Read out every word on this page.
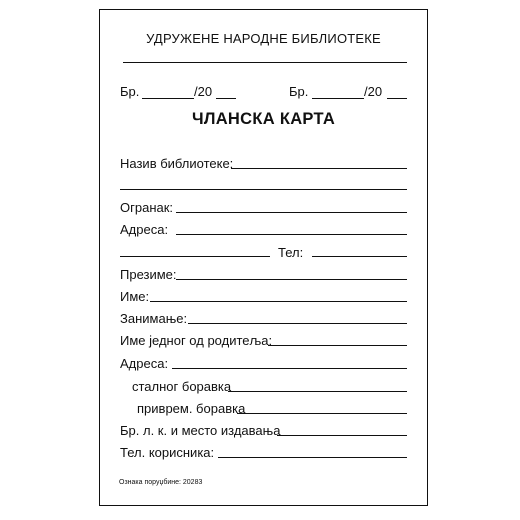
УДРУЖЕНЕ НАРОДНЕ БИБЛИОТЕКЕ
Бр.	/20	Бр.	/20
ЧЛАНСКА КАРТА
Назив библиотеке:
Огранак:
Адреса:
Тел:
Презиме:
Име:
Занимање:
Име једног од родитеља:
Адреса:
сталног боравка
приврем. боравка
Бр. л. к. и место издавања
Тел. корисника:
Ознака поруџбине: 20283
